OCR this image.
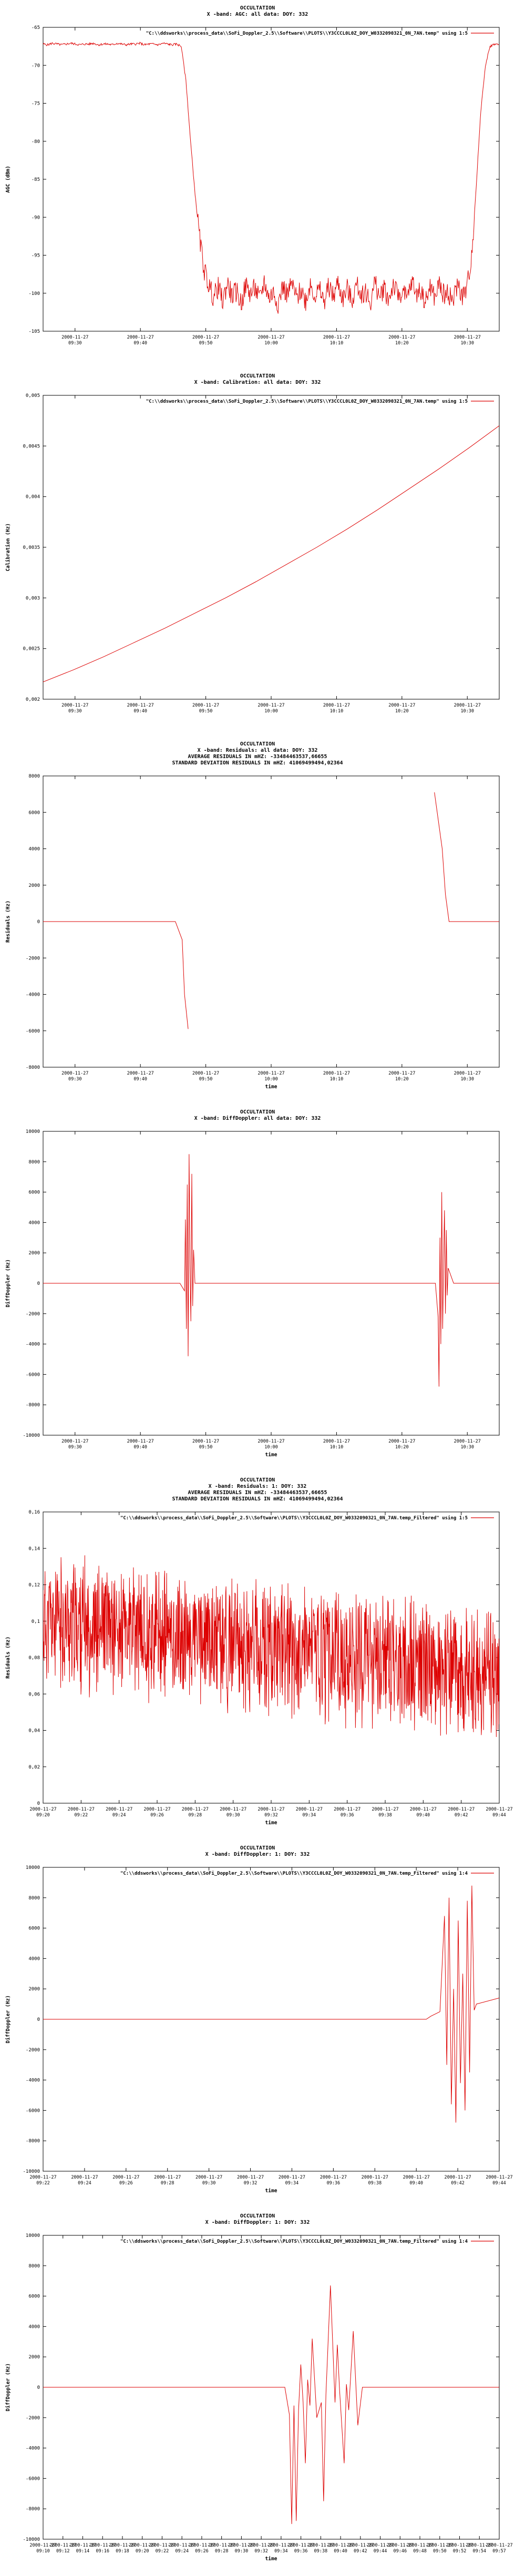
OCCULTATION
X -band: AGC: all data: DOY: 332
-65
-70
-75
-80
-85
-90
-95
-100
-105
2000-11-27
09:30
2000-11-27
09:40
2000-11-27
09:50
2000-11-27
10:00
2000-11-27
10:10
2000-11-27
10:20
2000-11-27
10:30
AGC (dBm)
"C:\\ddsworks\\process_data\\SoFi_Doppler_2.5\\Software\\PLOTS\\Y3CCCL0L0Z_DOY_W0332090321_0N_7AN.temp" using 1:5
OCCULTATION
X -band: Calibration: all data: DOY: 332
0,002
0,0025
0,003
0,0035
0,004
0,0045
0,005
2000-11-27
09:30
2000-11-27
09:40
2000-11-27
09:50
2000-11-27
10:00
2000-11-27
10:10
2000-11-27
10:20
2000-11-27
10:30
Calibration (Hz)
"C:\\ddsworks\\process_data\\SoFi_Doppler_2.5\\Software\\PLOTS\\Y3CCCL0L0Z_DOY_W0332090321_0N_7AN.temp" using 1:5
OCCULTATION
X -band: Residuals: all data: DOY: 332
AVERAGE RESIDUALS IN mHZ: -33484463537,66655
STANDARD DEVIATION RESIDUALS IN mHZ: 41069499494,02364
8000
6000
4000
2000
0
-2000
-4000
-6000
-8000
2000-11-27
09:30
2000-11-27
09:40
2000-11-27
09:50
2000-11-27
10:00
2000-11-27
10:10
2000-11-27
10:20
2000-11-27
10:30
Residuals (Hz)
time
OCCULTATION
X -band: DiffDoppler: all data: DOY: 332
10000
8000
6000
4000
2000
0
-2000
-4000
-6000
-8000
-10000
2000-11-27
09:30
2000-11-27
09:40
2000-11-27
09:50
2000-11-27
10:00
2000-11-27
10:10
2000-11-27
10:20
2000-11-27
10:30
DiffDoppler (Hz)
time
OCCULTATION
X -band: Residuals: 1: DOY: 332
AVERAGE RESIDUALS IN mHZ: -33484463537,66655
STANDARD DEVIATION RESIDUALS IN mHZ: 41069499494,02364
0
0,02
0,04
0,06
0,08
0,1
0,12
0,14
0,16
2000-11-27
09:20
2000-11-27
09:22
2000-11-27
09:24
2000-11-27
09:26
2000-11-27
09:28
2000-11-27
09:30
2000-11-27
09:32
2000-11-27
09:34
2000-11-27
09:36
2000-11-27
09:38
2000-11-27
09:40
2000-11-27
09:42
2000-11-27
09:44
Residuals (Hz)
time
"C:\\ddsworks\\process_data\\SoFi_Doppler_2.5\\Software\\PLOTS\\Y3CCCL0L0Z_DOY_W0332090321_0N_7AN.temp_Filtered" using 1:5
OCCULTATION
X -band: DiffDoppler: 1: DOY: 332
10000
8000
6000
4000
2000
0
-2000
-4000
-6000
-8000
-10000
2000-11-27
09:22
2000-11-27
09:24
2000-11-27
09:26
2000-11-27
09:28
2000-11-27
09:30
2000-11-27
09:32
2000-11-27
09:34
2000-11-27
09:36
2000-11-27
09:38
2000-11-27
09:40
2000-11-27
09:42
2000-11-27
09:44
DiffDoppler (Hz)
time
"C:\\ddsworks\\process_data\\SoFi_Doppler_2.5\\Software\\PLOTS\\Y3CCCL0L0Z_DOY_W0332090321_0N_7AN.temp_Filtered" using 1:4
OCCULTATION
X -band: DiffDoppler: 1: DOY: 332
10000
8000
6000
4000
2000
0
-2000
-4000
-6000
-8000
-10000
2000-11-27
09:10
2000-11-27
09:12
2000-11-27
09:14
2000-11-27
09:16
2000-11-27
09:18
2000-11-27
09:20
2000-11-27
09:22
2000-11-27
09:24
2000-11-27
09:26
2000-11-27
09:28
2000-11-27
09:30
2000-11-27
09:32
2000-11-27
09:34
2000-11-27
09:36
2000-11-27
09:38
2000-11-27
09:40
2000-11-27
09:42
2000-11-27
09:44
2000-11-27
09:46
2000-11-27
09:48
2000-11-27
09:50
2000-11-27
09:52
2000-11-27
09:54
2000-11-27
09:57
DiffDoppler (Hz)
time
"C:\\ddsworks\\process_data\\SoFi_Doppler_2.5\\Software\\PLOTS\\Y3CCCL0L0Z_DOY_W0332090321_0N_7AN.temp_Filtered" using 1:4
